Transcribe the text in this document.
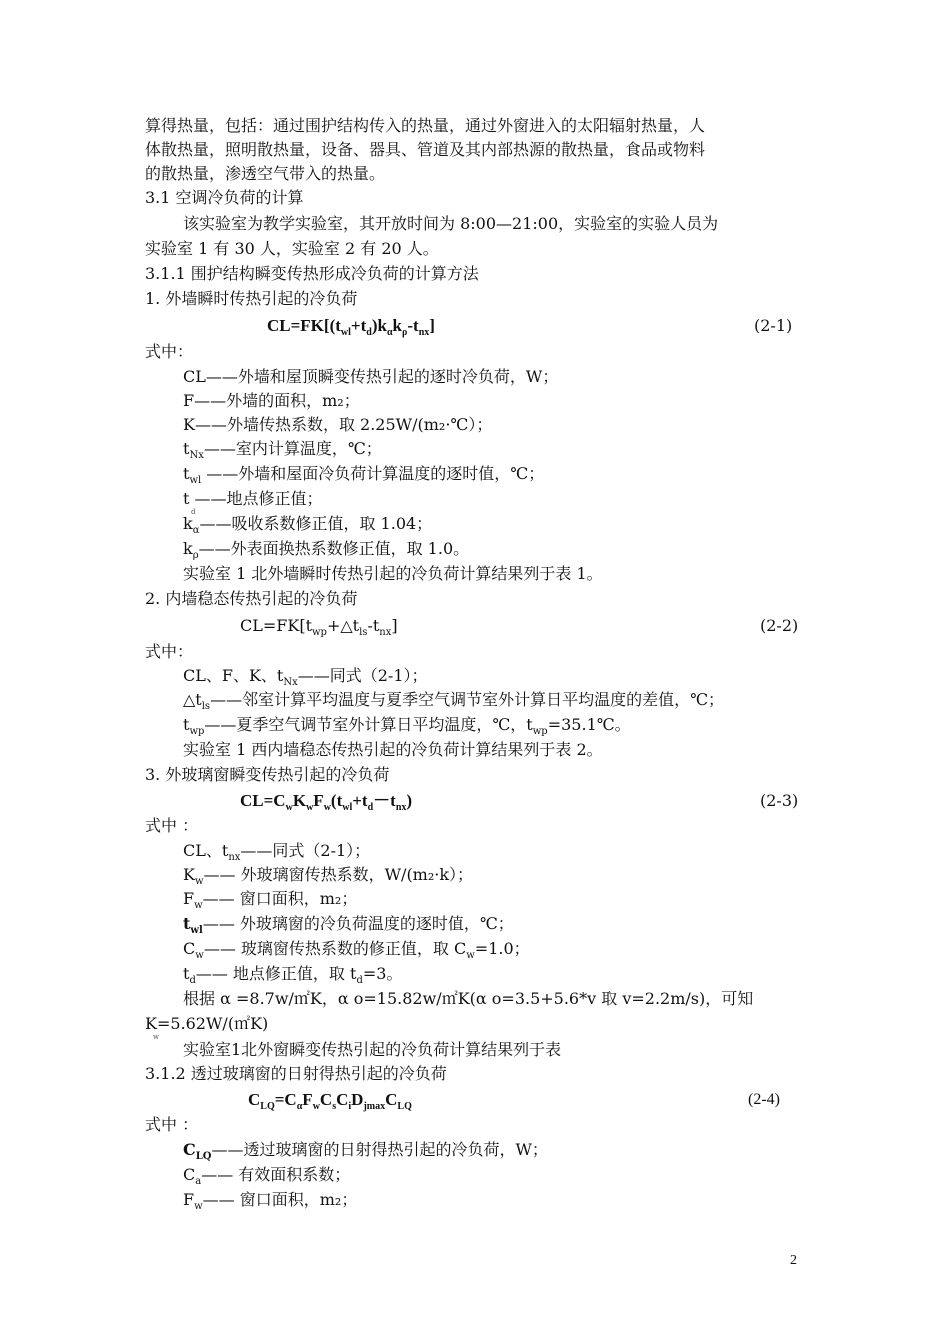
算得热量，包括：通过围护结构传入的热量，通过外窗进入的太阳辐射热量，人
体散热量，照明散热量，设备、器具、管道及其内部热源的散热量，食品或物料
的散热量，渗透空气带入的热量。
3.1 空调冷负荷的计算
该实验室为教学实验室，其开放时间为 8:00—21:00，实验室的实验人员为
实验室 1 有 30 人，实验室 2 有 20 人。
3.1.1 围护结构瞬变传热形成冷负荷的计算方法
1. 外墙瞬时传热引起的冷负荷
$CL=FK[(t_{wl}+t_d)k_\alpha k_\rho-t_{nx}]$	(2-1)
式中：
CL——外墙和屋顶瞬变传热引起的逐时冷负荷，W；
F——外墙的面积，m₂；
K——外墙传热系数，取 2.25W/(m₂·℃）；
$t_{Nx}——$室内计算温度，℃；
$t_{wl}$ ——外墙和屋面冷负荷计算温度的逐时值，℃；
t ——地点修正值；
d
$k_\alpha——$吸收系数修正值，取 1.04；
$k_\rho——$外表面换热系数修正值，取 1.0。
实验室 1 北外墙瞬时传热引起的冷负荷计算结果列于表 1。
2. 内墙稳态传热引起的冷负荷
$CL=FK[t_{wp}+\triangle t_{ls}-t_{nx}]$	(2-2)
式中：
CL、F、K、$t_{Nx}——$同式（2-1）；
$\triangle t_{ls}——$邻室计算平均温度与夏季空气调节室外计算日平均温度的差值，℃；
$t_{wp}——$夏季空气调节室外计算日平均温度，℃，$t_{wp}=35.1℃$。
实验室 1 西内墙稳态传热引起的冷负荷计算结果列于表 2。
3. 外玻璃窗瞬变传热引起的冷负荷
$CL=C_wK_wF_w(t_{wl}+t_d-t_{nx})$	(2-3)
式中 ：
CL、$t_{nx}——$同式（2-1）；
$K_w——$ 外玻璃窗传热系数，W/(m₂·k）；
$F_w——$ 窗口面积，m₂；
$t_{wl}——$ 外玻璃窗的冷负荷温度的逐时值，℃；
$C_w——$ 玻璃窗传热系数的修正值，取 $C_w=1.0$；
$t_d——$ 地点修正值，取 $t_d=3$。
根据 α =8.7w/㎡K，α o=15.82w/㎡K(α o=3.5+5.6*v 取 v=2.2m/s)，可知
K=5.62W/(㎡K)
w
实验室1北外窗瞬变传热引起的冷负荷计算结果列于表
3.1.2 透过玻璃窗的日射得热引起的冷负荷
$C_{LQ}=C_\alpha F_wC_sC_iD_{jmax}C_{LQ}$	(2-4)
式中 ：
$C_{LQ}——$透过玻璃窗的日射得热引起的冷负荷，W；
$C_a——$ 有效面积系数；
$F_w——$ 窗口面积，m₂；
2
